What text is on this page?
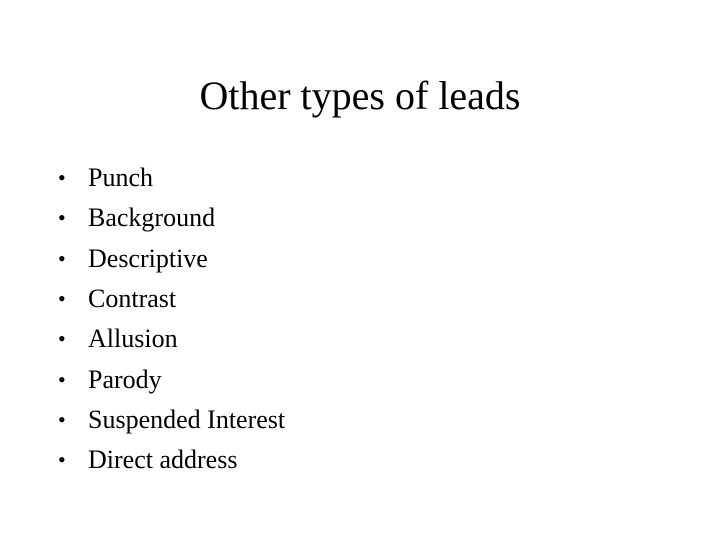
Other types of leads
• Punch
• Background
• Descriptive
• Contrast
• Allusion
• Parody
• Suspended Interest
• Direct address
